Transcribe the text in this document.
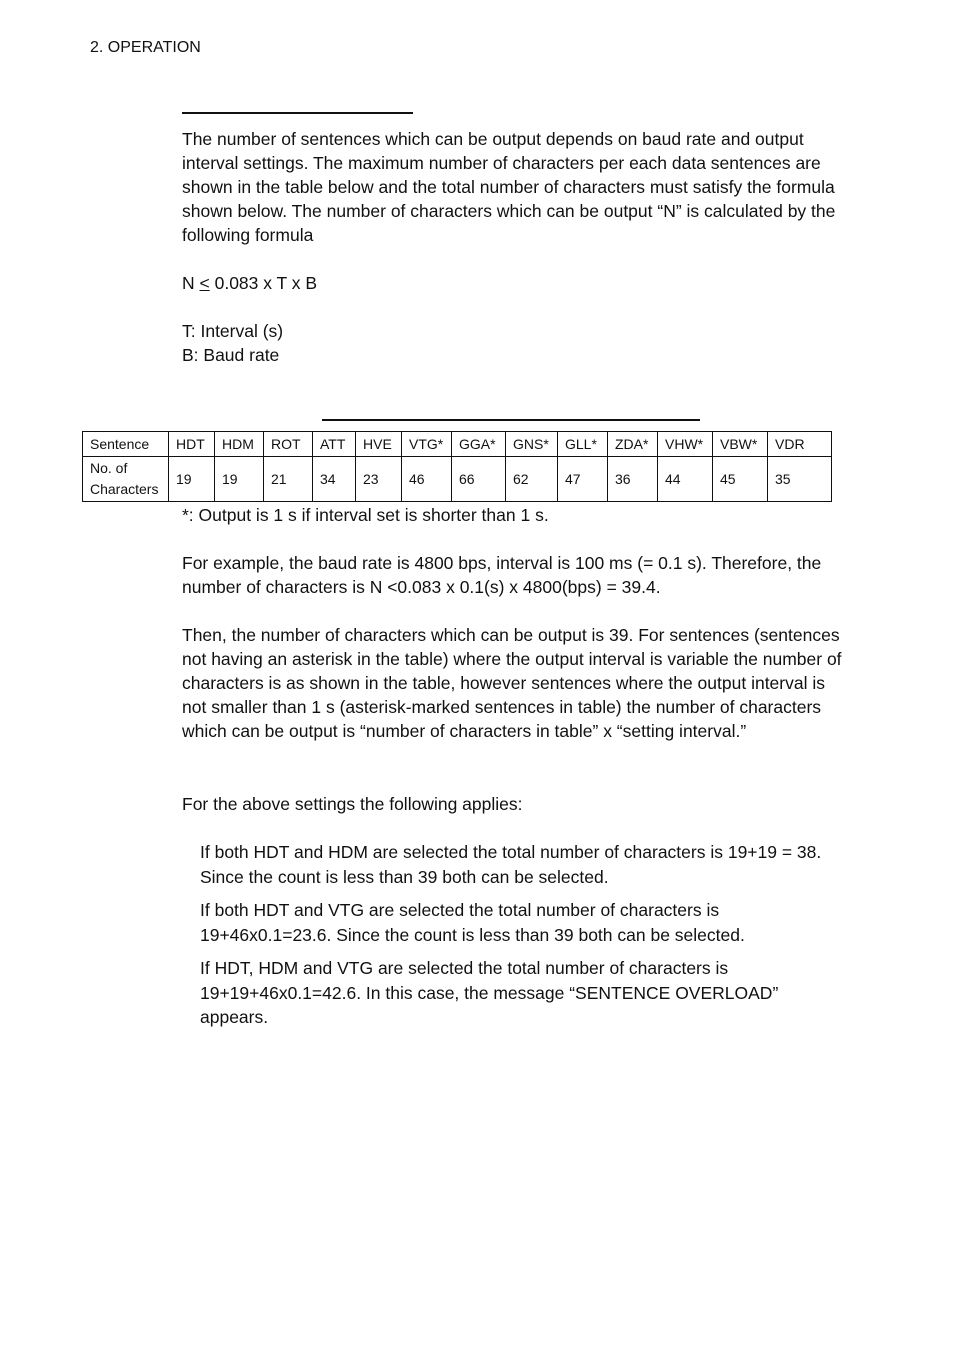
2. OPERATION

The number of sentences which can be output depends on baud rate and output interval settings. The maximum number of characters per each data sentences are shown in the table below and the total number of characters must satisfy the formula shown below. The number of characters which can be output “N” is calculated by the following formula

N ≤ 0.083 x T x B

T: Interval (s)
B: Baud rate

Sentence	HDT	HDM	ROT	ATT	HVE	VTG*	GGA*	GNS*	GLL*	ZDA*	VHW*	VBW*	VDR
No. of
Characters	19	19	21	34	23	46	66	62	47	36	44	45	35

*: Output is 1 s if interval set is shorter than 1 s.

For example, the baud rate is 4800 bps, interval is 100 ms (= 0.1 s). Therefore, the number of characters is N <0.083 x 0.1(s) x 4800(bps) = 39.4.

Then, the number of characters which can be output is 39. For sentences (sentences not having an asterisk in the table) where the output interval is variable the number of characters is as shown in the table, however sentences where the output interval is not smaller than 1 s (asterisk-marked sentences in table) the number of characters which can be output is “number of characters in table” x “setting interval.”

For the above settings the following applies:

If both HDT and HDM are selected the total number of characters is 19+19 = 38. Since the count is less than 39 both can be selected.
If both HDT and VTG are selected the total number of characters is 19+46x0.1=23.6. Since the count is less than 39 both can be selected.
If HDT, HDM and VTG are selected the total number of characters is 19+19+46x0.1=42.6. In this case, the message “SENTENCE OVERLOAD” appears.
